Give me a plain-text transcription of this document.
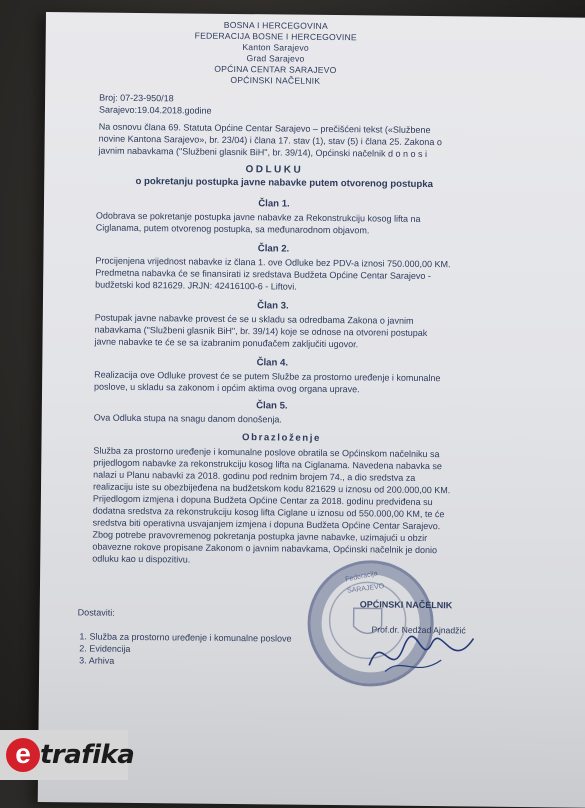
BOSNA I HERCEGOVINA
FEDERACIJA BOSNE I HERCEGOVINE
Kanton Sarajevo
Grad Sarajevo
OPĆINA CENTAR SARAJEVO
OPĆINSKI NAČELNIK
Broj: 07-23-950/18
Sarajevo:19.04.2018.godine
Na osnovu člana 69. Statuta Općine Centar Sarajevo – prečišćeni tekst («Službene
novine Kantona Sarajevo», br. 23/04) i člana 17. stav (1), stav (5) i člana 25. Zakona o
javnim nabavkama ("Službeni glasnik BiH", br. 39/14), Općinski načelnik d o n o s i
ODLUKU
o pokretanju postupka javne nabavke putem otvorenog postupka
Član 1.
Odobrava se pokretanje postupka javne nabavke za Rekonstrukciju kosog lifta na
Ciglanama, putem otvorenog postupka, sa međunarodnom objavom.
Član 2.
Procijenjena vrijednost nabavke iz člana 1. ove Odluke bez PDV-a iznosi 750.000,00 KM.
Predmetna nabavka će se finansirati iz sredstava Budžeta Općine Centar Sarajevo -
budžetski kod 821629. JRJN: 42416100-6 - Liftovi.
Član 3.
Postupak javne nabavke provest će se u skladu sa odredbama Zakona o javnim
nabavkama ("Službeni glasnik BiH", br. 39/14) koje se odnose na otvoreni postupak
javne nabavke te će se sa izabranim ponuđačem zaključiti ugovor.
Član 4.
Realizacija ove Odluke provest će se putem Službe za prostorno uređenje i komunalne
poslove, u skladu sa zakonom i općim aktima ovog organa uprave.
Član 5.
Ova Odluka stupa na snagu danom donošenja.
Obrazloženje
Služba za prostorno uređenje i komunalne poslove obratila se Općinskom načelniku sa
prijedlogom nabavke za rekonstrukciju kosog lifta na Ciglanama. Navedena nabavka se
nalazi u Planu nabavki za 2018. godinu pod rednim brojem 74., a dio sredstva za
realizaciju iste su obezbijeđena na budžetskom kodu 821629 u iznosu od 200.000,00 KM.
Prijedlogom izmjena i dopuna Budžeta Općine Centar za 2018. godinu predviđena su
dodatna sredstva za rekonstrukciju kosog lifta Ciglane u iznosu od 550.000,00 KM, te će
sredstva biti operativna usvajanjem izmjena i dopuna Budžeta Općine Centar Sarajevo.
Zbog potrebe pravovremenog pokretanja postupka javne nabavke, uzimajući u obzir
obavezne rokove propisane Zakonom o javnim nabavkama, Općinski načelnik je donio
odluku kao u dispozitivu.
Federacija
SARAJEVO
OPĆINSKI NAČELNIK
Prof.dr. Nedžad Ajnadžić
Dostaviti:
1. Služba za prostorno uređenje i komunalne poslove
2. Evidencija
3. Arhiva
e trafika
